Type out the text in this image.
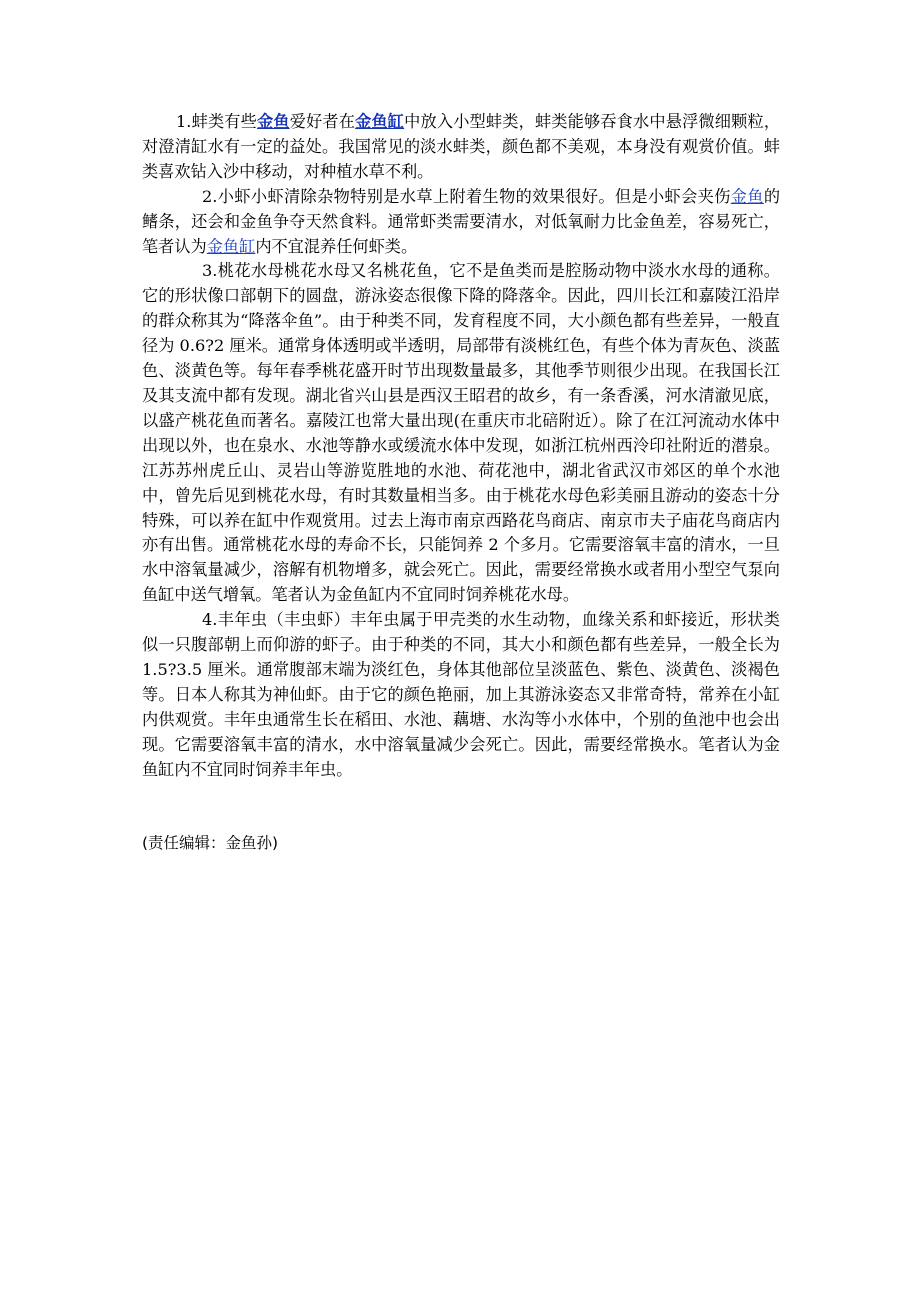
1.蚌类有些金鱼爱好者在金鱼缸中放入小型蚌类，蚌类能够吞食水中悬浮微细颗粒，对澄清缸水有一定的益处。我国常见的淡水蚌类，颜色都不美观，本身没有观赏价值。蚌类喜欢钻入沙中移动，对种植水草不利。

2.小虾小虾清除杂物特别是水草上附着生物的效果很好。但是小虾会夹伤金鱼的鳍条，还会和金鱼争夺天然食料。通常虾类需要清水，对低氧耐力比金鱼差，容易死亡，笔者认为金鱼缸内不宜混养任何虾类。

3.桃花水母桃花水母又名桃花鱼，它不是鱼类而是腔肠动物中淡水水母的通称。它的形状像口部朝下的圆盘，游泳姿态很像下降的降落伞。因此，四川长江和嘉陵江沿岸的群众称其为“降落伞鱼”。由于种类不同，发育程度不同，大小颜色都有些差异，一般直径为 0.6?2 厘米。通常身体透明或半透明，局部带有淡桃红色，有些个体为青灰色、淡蓝色、淡黄色等。每年春季桃花盛开时节出现数量最多，其他季节则很少出现。在我国长江及其支流中都有发现。湖北省兴山县是西汉王昭君的故乡，有一条香溪，河水清澈见底，以盛产桃花鱼而著名。嘉陵江也常大量出现(在重庆市北碚附近）。除了在江河流动水体中出现以外，也在泉水、水池等静水或缓流水体中发现，如浙江杭州西泠印社附近的潜泉。江苏苏州虎丘山、灵岩山等游览胜地的水池、荷花池中，湖北省武汉市郊区的单个水池中，曾先后见到桃花水母，有时其数量相当多。由于桃花水母色彩美丽且游动的姿态十分特殊，可以养在缸中作观赏用。过去上海市南京西路花鸟商店、南京市夫子庙花鸟商店内亦有出售。通常桃花水母的寿命不长，只能饲养 2 个多月。它需要溶氧丰富的清水，一旦水中溶氧量减少，溶解有机物增多，就会死亡。因此，需要经常换水或者用小型空气泵向鱼缸中送气增氧。笔者认为金鱼缸内不宜同时饲养桃花水母。

4.丰年虫（丰虫虾）丰年虫属于甲壳类的水生动物，血缘关系和虾接近，形状类似一只腹部朝上而仰游的虾子。由于种类的不同，其大小和颜色都有些差异，一般全长为 1.5?3.5 厘米。通常腹部末端为淡红色，身体其他部位呈淡蓝色、紫色、淡黄色、淡褐色等。日本人称其为神仙虾。由于它的颜色艳丽，加上其游泳姿态又非常奇特，常养在小缸内供观赏。丰年虫通常生长在稻田、水池、藕塘、水沟等小水体中，个别的鱼池中也会出现。它需要溶氧丰富的清水，水中溶氧量减少会死亡。因此，需要经常换水。笔者认为金鱼缸内不宜同时饲养丰年虫。

(责任编辑：金鱼孙)
